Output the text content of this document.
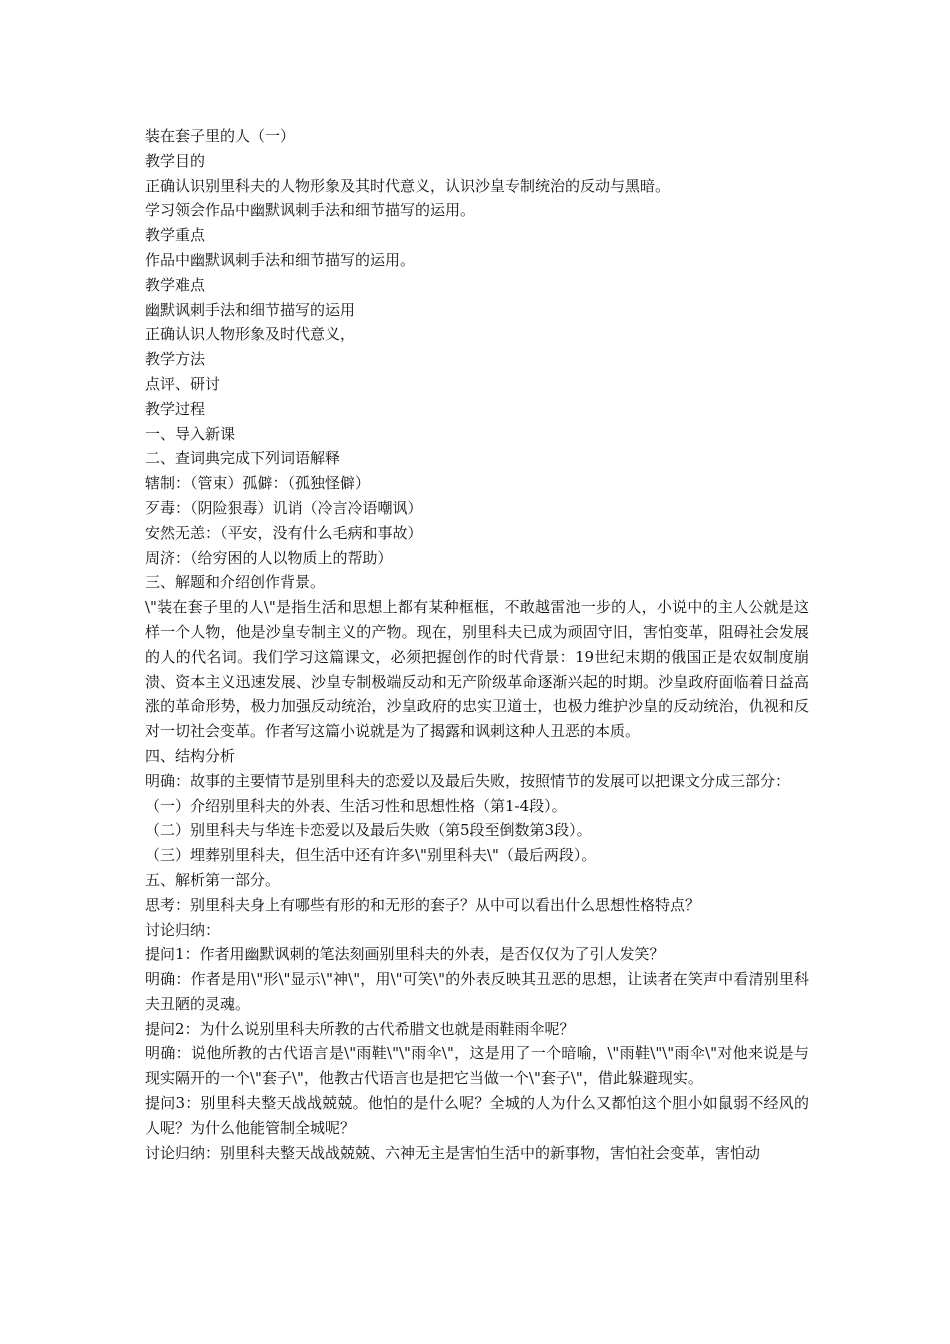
装在套子里的人（一）
教学目的
正确认识别里科夫的人物形象及其时代意义，认识沙皇专制统治的反动与黑暗。
学习领会作品中幽默讽刺手法和细节描写的运用。
教学重点
作品中幽默讽刺手法和细节描写的运用。
教学难点
幽默讽刺手法和细节描写的运用
正确认识人物形象及时代意义，
教学方法
点评、研讨
教学过程
一、导入新课
二、查词典完成下列词语解释
辖制：（管束）孤僻：（孤独怪僻）
歹毒：（阴险狠毒）讥诮（冷言冷语嘲讽）
安然无恙：（平安，没有什么毛病和事故）
周济：（给穷困的人以物质上的帮助）
三、解题和介绍创作背景。
\"装在套子里的人\"是指生活和思想上都有某种框框，不敢越雷池一步的人，小说中的主人公就是这样一个人物，他是沙皇专制主义的产物。现在，别里科夫已成为顽固守旧，害怕变革，阻碍社会发展的人的代名词。我们学习这篇课文，必须把握创作的时代背景：19世纪末期的俄国正是农奴制度崩溃、资本主义迅速发展、沙皇专制极端反动和无产阶级革命逐渐兴起的时期。沙皇政府面临着日益高涨的革命形势，极力加强反动统治，沙皇政府的忠实卫道士，也极力维护沙皇的反动统治，仇视和反对一切社会变革。作者写这篇小说就是为了揭露和讽刺这种人丑恶的本质。
四、结构分析
明确：故事的主要情节是别里科夫的恋爱以及最后失败，按照情节的发展可以把课文分成三部分：
（一）介绍别里科夫的外表、生活习性和思想性格（第1-4段）。
（二）别里科夫与华连卡恋爱以及最后失败（第5段至倒数第3段）。
（三）埋葬别里科夫，但生活中还有许多\"别里科夫\"（最后两段）。
五、解析第一部分。
思考：别里科夫身上有哪些有形的和无形的套子？从中可以看出什么思想性格特点？
讨论归纳：
提问1：作者用幽默讽刺的笔法刻画别里科夫的外表，是否仅仅为了引人发笑？
明确：作者是用\"形\"显示\"神\"，用\"可笑\"的外表反映其丑恶的思想，让读者在笑声中看清别里科夫丑陋的灵魂。
提问2：为什么说别里科夫所教的古代希腊文也就是雨鞋雨伞呢？
明确：说他所教的古代语言是\"雨鞋\"\"雨伞\"，这是用了一个暗喻，\"雨鞋\"\"雨伞\"对他来说是与现实隔开的一个\"套子\"，他教古代语言也是把它当做一个\"套子\"，借此躲避现实。
提问3：别里科夫整天战战兢兢。他怕的是什么呢？全城的人为什么又都怕这个胆小如鼠弱不经风的人呢？为什么他能管制全城呢？
讨论归纳：别里科夫整天战战兢兢、六神无主是害怕生活中的新事物，害怕社会变革，害怕动
